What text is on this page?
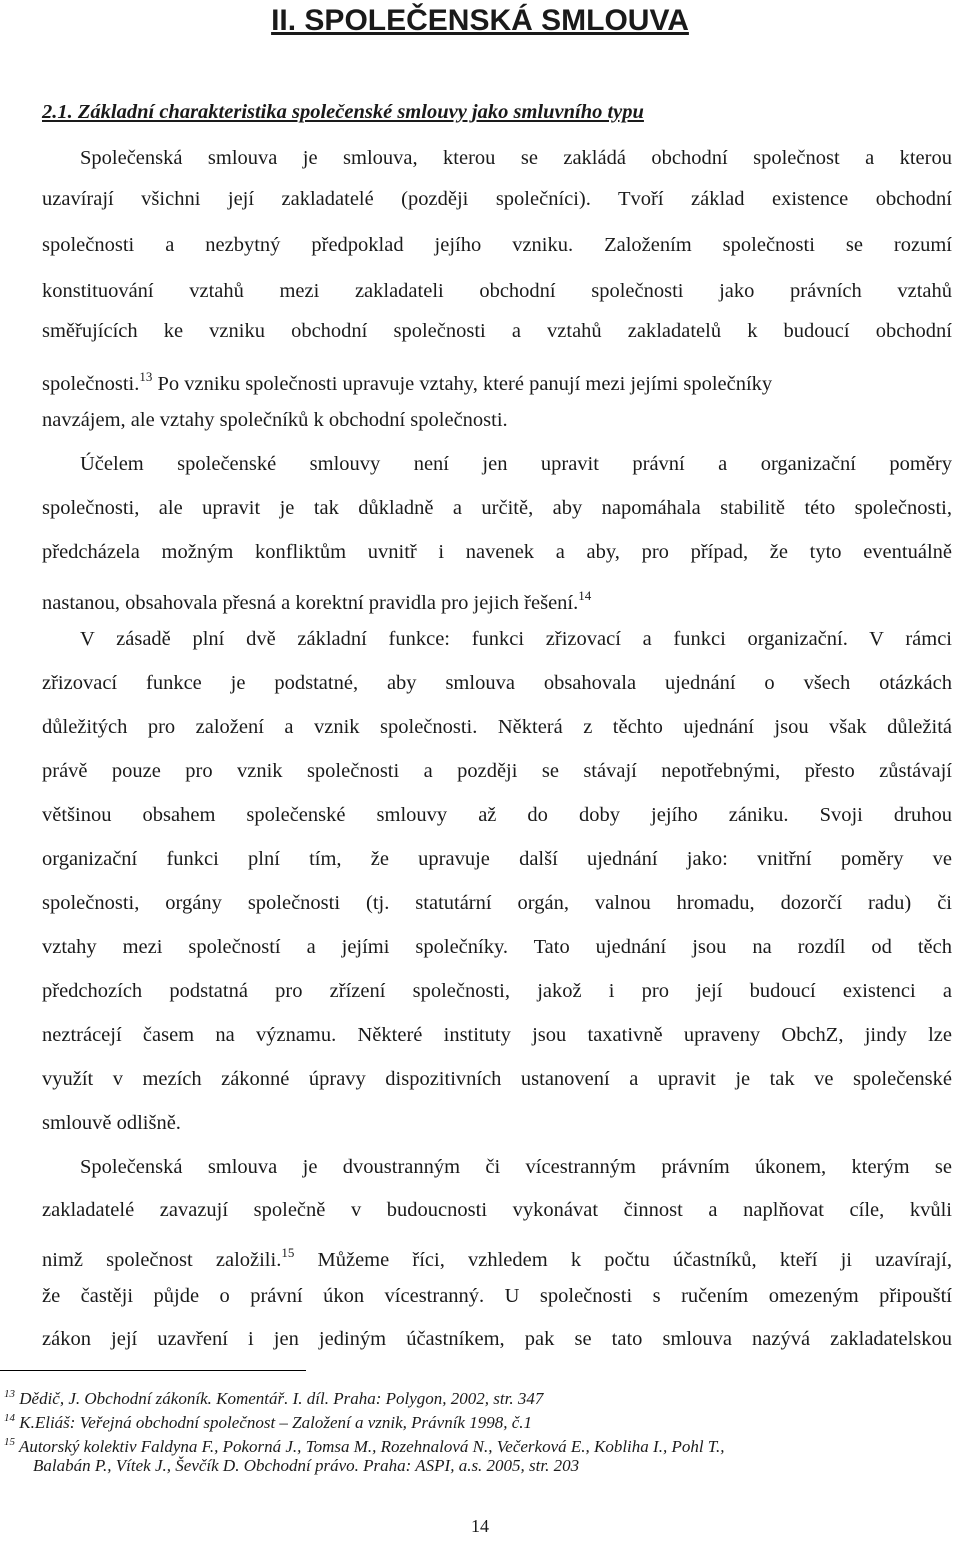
II. SPOLEČENSKÁ SMLOUVA
2.1. Základní charakteristika společenské smlouvy jako smluvního typu
Společenská smlouva je smlouva, kterou se zakládá obchodní společnost a kterou
uzavírají všichni její zakladatelé (později společníci). Tvoří základ existence obchodní
společnosti a nezbytný předpoklad jejího vzniku. Založením společnosti se rozumí
konstituování vztahů mezi zakladateli obchodní společnosti jako právních vztahů
směřujících ke vzniku obchodní společnosti a vztahů zakladatelů k budoucí obchodní
společnosti.$^{13}$ Po vzniku společnosti upravuje vztahy, které panují mezi jejími společníky
navzájem, ale vztahy společníků k obchodní společnosti.
Účelem společenské smlouvy není jen upravit právní a organizační poměry
společnosti, ale upravit je tak důkladně a určitě, aby napomáhala stabilitě této společnosti,
předcházela možným konfliktům uvnitř i navenek a aby, pro případ, že tyto eventuálně
nastanou, obsahovala přesná a korektní pravidla pro jejich řešení.$^{14}$
V zásadě plní dvě základní funkce: funkci zřizovací a funkci organizační. V rámci
zřizovací funkce je podstatné, aby smlouva obsahovala ujednání o všech otázkách
důležitých pro založení a vznik společnosti. Některá z těchto ujednání jsou však důležitá
právě pouze pro vznik společnosti a později se stávají nepotřebnými, přesto zůstávají
většinou obsahem společenské smlouvy až do doby jejího zániku. Svoji druhou
organizační funkci plní tím, že upravuje další ujednání jako: vnitřní poměry ve
společnosti, orgány společnosti (tj. statutární orgán, valnou hromadu, dozorčí radu) či
vztahy mezi společností a jejími společníky. Tato ujednání jsou na rozdíl od těch
předchozích podstatná pro zřízení společnosti, jakož i pro její budoucí existenci a
neztrácejí časem na významu. Některé instituty jsou taxativně upraveny ObchZ, jindy lze
využít v mezích zákonné úpravy dispozitivních ustanovení a upravit je tak ve společenské
smlouvě odlišně.
Společenská smlouva je dvoustranným či vícestranným právním úkonem, kterým se
zakladatelé zavazují společně v budoucnosti vykonávat činnost a naplňovat cíle, kvůli
nimž společnost založili.$^{15}$ Můžeme říci, vzhledem k počtu účastníků, kteří ji uzavírají,
že častěji půjde o právní úkon vícestranný. U společnosti s ručením omezeným připouští
zákon její uzavření i jen jediným účastníkem, pak se tato smlouva nazývá zakladatelskou
$^{13}$ Dědič, J. Obchodní zákoník. Komentář. I. díl. Praha: Polygon, 2002, str. 347
$^{14}$ K.Eliáš: Veřejná obchodní společnost – Založení a vznik, Právník 1998, č.1
$^{15}$ Autorský kolektiv Faldyna F., Pokorná J., Tomsa M., Rozehnalová N., Večerková E., Kobliha I., Pohl T.,
Balabán P., Vítek J., Ševčík D. Obchodní právo. Praha: ASPI, a.s. 2005, str. 203
14
